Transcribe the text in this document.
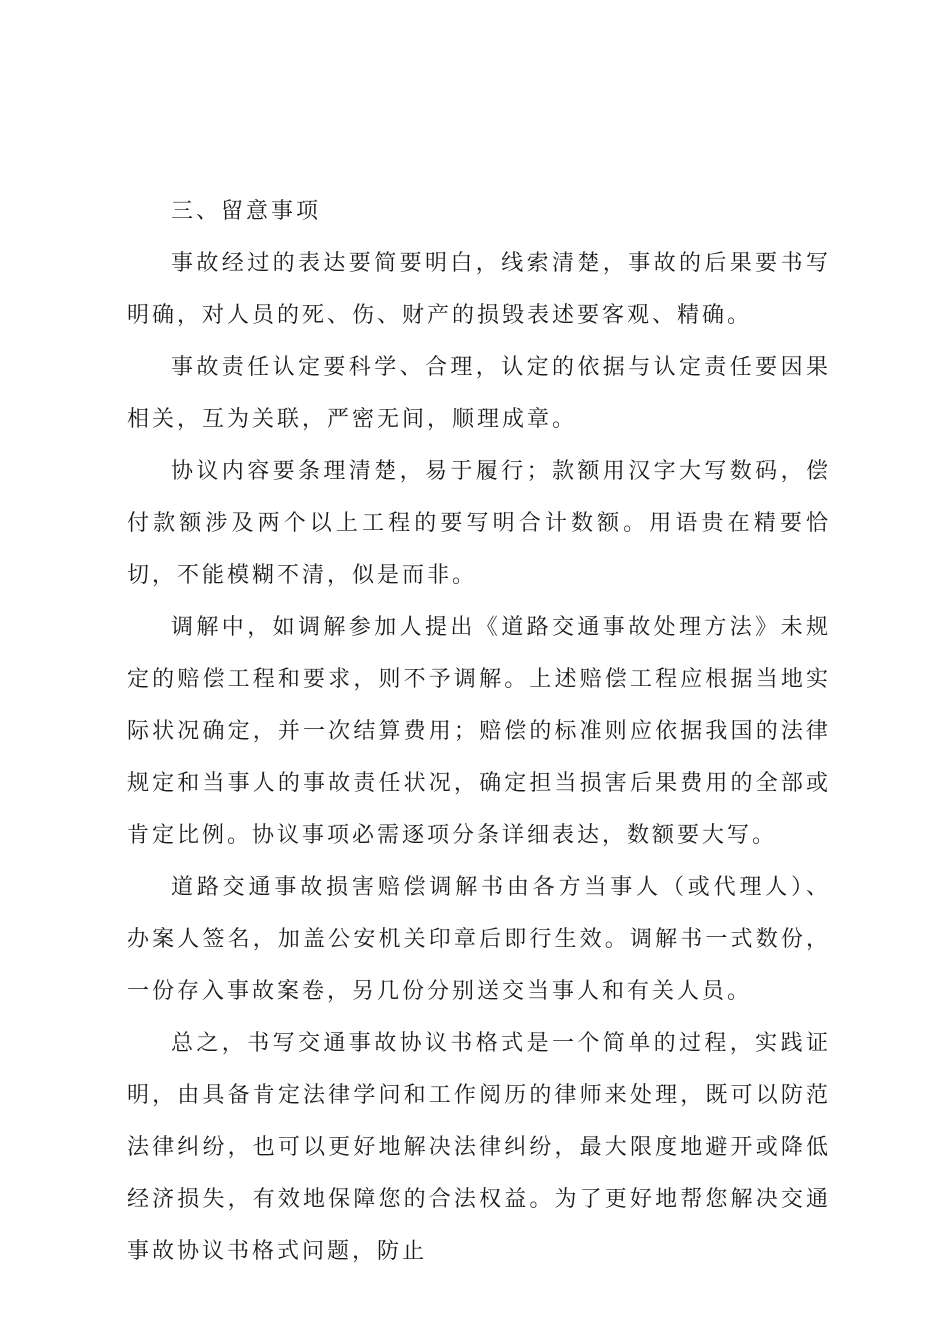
三、留意事项

事故经过的表达要简要明白，线索清楚，事故的后果要书写明确，对人员的死、伤、财产的损毁表述要客观、精确。

事故责任认定要科学、合理，认定的依据与认定责任要因果相关，互为关联，严密无间，顺理成章。

协议内容要条理清楚，易于履行；款额用汉字大写数码，偿付款额涉及两个以上工程的要写明合计数额。用语贵在精要恰切，不能模糊不清，似是而非。

调解中，如调解参加人提出《道路交通事故处理方法》未规定的赔偿工程和要求，则不予调解。上述赔偿工程应根据当地实际状况确定，并一次结算费用；赔偿的标准则应依据我国的法律规定和当事人的事故责任状况，确定担当损害后果费用的全部或肯定比例。协议事项必需逐项分条详细表达，数额要大写。

道路交通事故损害赔偿调解书由各方当事人（或代理人）、办案人签名，加盖公安机关印章后即行生效。调解书一式数份，一份存入事故案卷，另几份分别送交当事人和有关人员。

总之，书写交通事故协议书格式是一个简单的过程，实践证明，由具备肯定法律学问和工作阅历的律师来处理，既可以防范法律纠纷，也可以更好地解决法律纠纷，最大限度地避开或降低经济损失，有效地保障您的合法权益。为了更好地帮您解决交通事故协议书格式问题，防止
